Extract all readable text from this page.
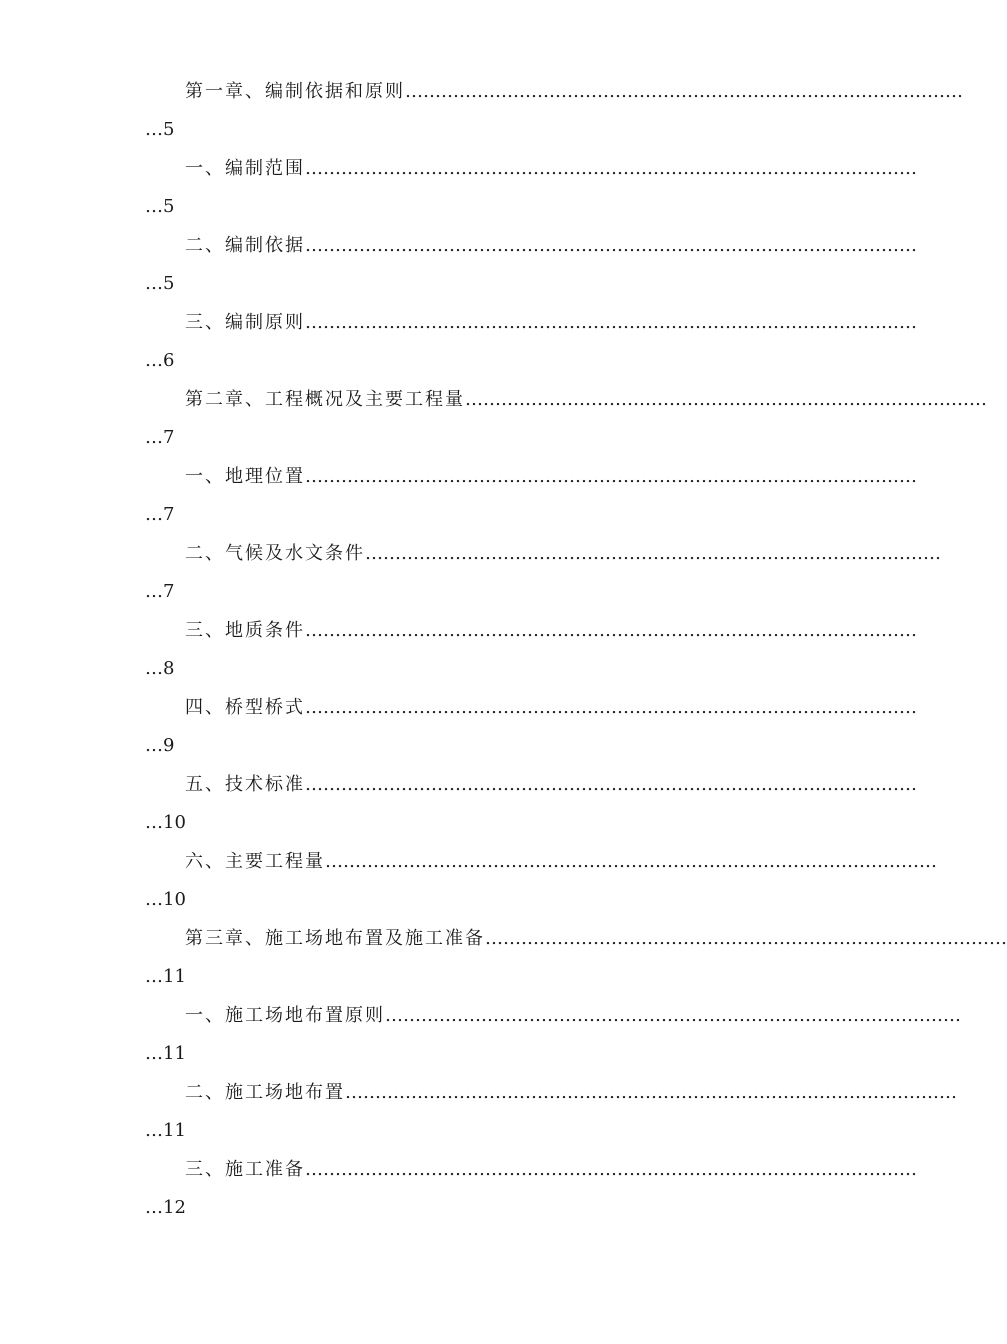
第一章、编制依据和原则…………………………………………………………………………………
…5
一、编制范围…………………………………………………………………………………………
…5
二、编制依据…………………………………………………………………………………………
…5
三、编制原则…………………………………………………………………………………………
…6
第二章、工程概况及主要工程量……………………………………………………………………………
…7
一、地理位置…………………………………………………………………………………………
…7
二、气候及水文条件……………………………………………………………………………………
…7
三、地质条件…………………………………………………………………………………………
…8
四、桥型桥式…………………………………………………………………………………………
…9
五、技术标准…………………………………………………………………………………………
…10
六、主要工程量…………………………………………………………………………………………
…10
第三章、施工场地布置及施工准备……………………………………………………………………………
…11
一、施工场地布置原则……………………………………………………………………………………
…11
二、施工场地布置…………………………………………………………………………………………
…11
三、施工准备…………………………………………………………………………………………
…12
